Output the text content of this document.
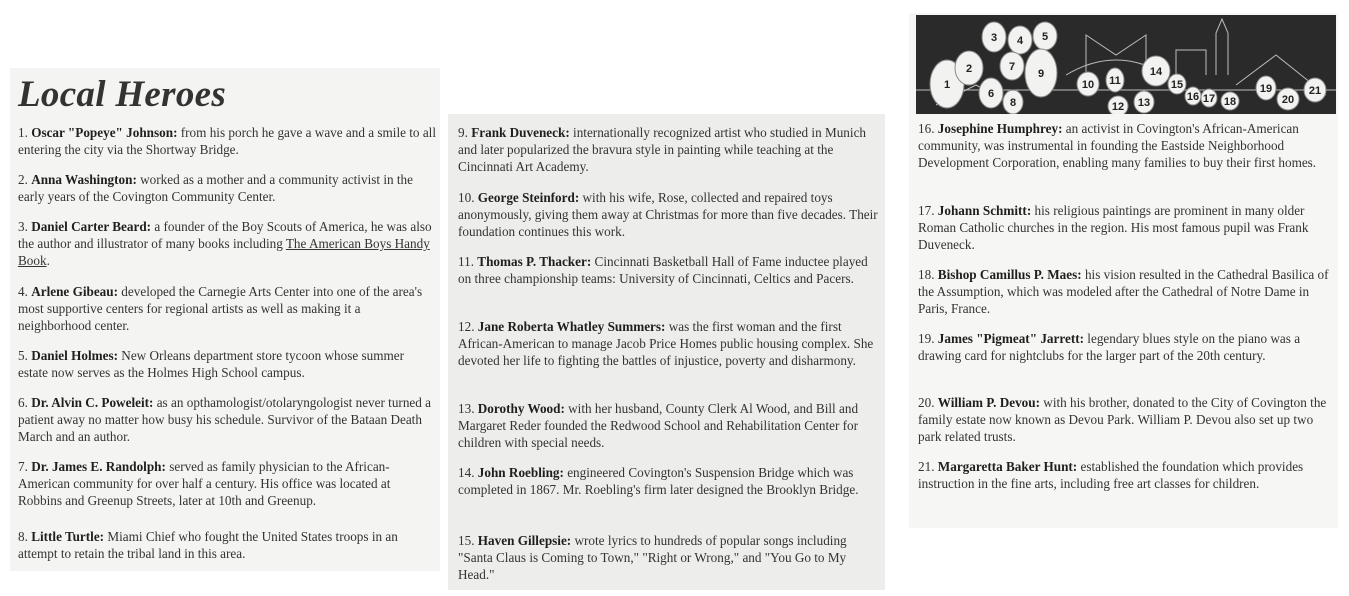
Local Heroes

1. Oscar "Popeye" Johnson: from his porch he gave a wave and a smile to all entering the city via the Shortway Bridge.

2. Anna Washington: worked as a mother and a community activist in the early years of the Covington Community Center.

3. Daniel Carter Beard: a founder of the Boy Scouts of America, he was also the author and illustrator of many books including The American Boys Handy Book.

4. Arlene Gibeau: developed the Carnegie Arts Center into one of the area's most supportive centers for regional artists as well as making it a neighborhood center.

5. Daniel Holmes: New Orleans department store tycoon whose summer estate now serves as the Holmes High School campus.

6. Dr. Alvin C. Poweleit: as an opthamologist/otolaryngologist never turned a patient away no matter how busy his schedule. Survivor of the Bataan Death March and an author.

7. Dr. James E. Randolph: served as family physician to the African-American community for over half a century. His office was located at Robbins and Greenup Streets, later at 10th and Greenup.

8. Little Turtle: Miami Chief who fought the United States troops in an attempt to retain the tribal land in this area.

9. Frank Duveneck: internationally recognized artist who studied in Munich and later popularized the bravura style in painting while teaching at the Cincinnati Art Academy.

10. George Steinford: with his wife, Rose, collected and repaired toys anonymously, giving them away at Christmas for more than five decades. Their foundation continues this work.

11. Thomas P. Thacker: Cincinnati Basketball Hall of Fame inductee played on three championship teams: University of Cincinnati, Celtics and Pacers.

12. Jane Roberta Whatley Summers: was the first woman and the first African-American to manage Jacob Price Homes public housing complex. She devoted her life to fighting the battles of injustice, poverty and disharmony.

13. Dorothy Wood: with her husband, County Clerk Al Wood, and Bill and Margaret Reder founded the Redwood School and Rehabilitation Center for children with special needs.

14. John Roebling: engineered Covington's Suspension Bridge which was completed in 1867. Mr. Roebling's firm later designed the Brooklyn Bridge.

15. Haven Gillepsie: wrote lyrics to hundreds of popular songs including "Santa Claus is Coming to Town," "Right or Wrong," and "You Go to My Head."

1
2
3 4 5
6
7
8
9
10 11
12 13
14
15
16 17 18
19
20
21

16. Josephine Humphrey: an activist in Covington's African-American community, was instrumental in founding the Eastside Neighborhood Development Corporation, enabling many families to buy their first homes.

17. Johann Schmitt: his religious paintings are prominent in many older Roman Catholic churches in the region. His most famous pupil was Frank Duveneck.

18. Bishop Camillus P. Maes: his vision resulted in the Cathedral Basilica of the Assumption, which was modeled after the Cathedral of Notre Dame in Paris, France.

19. James "Pigmeat" Jarrett: legendary blues style on the piano was a drawing card for nightclubs for the larger part of the 20th century.

20. William P. Devou: with his brother, donated to the City of Covington the family estate now known as Devou Park. William P. Devou also set up two park related trusts.

21. Margaretta Baker Hunt: established the foundation which provides instruction in the fine arts, including free art classes for children.
